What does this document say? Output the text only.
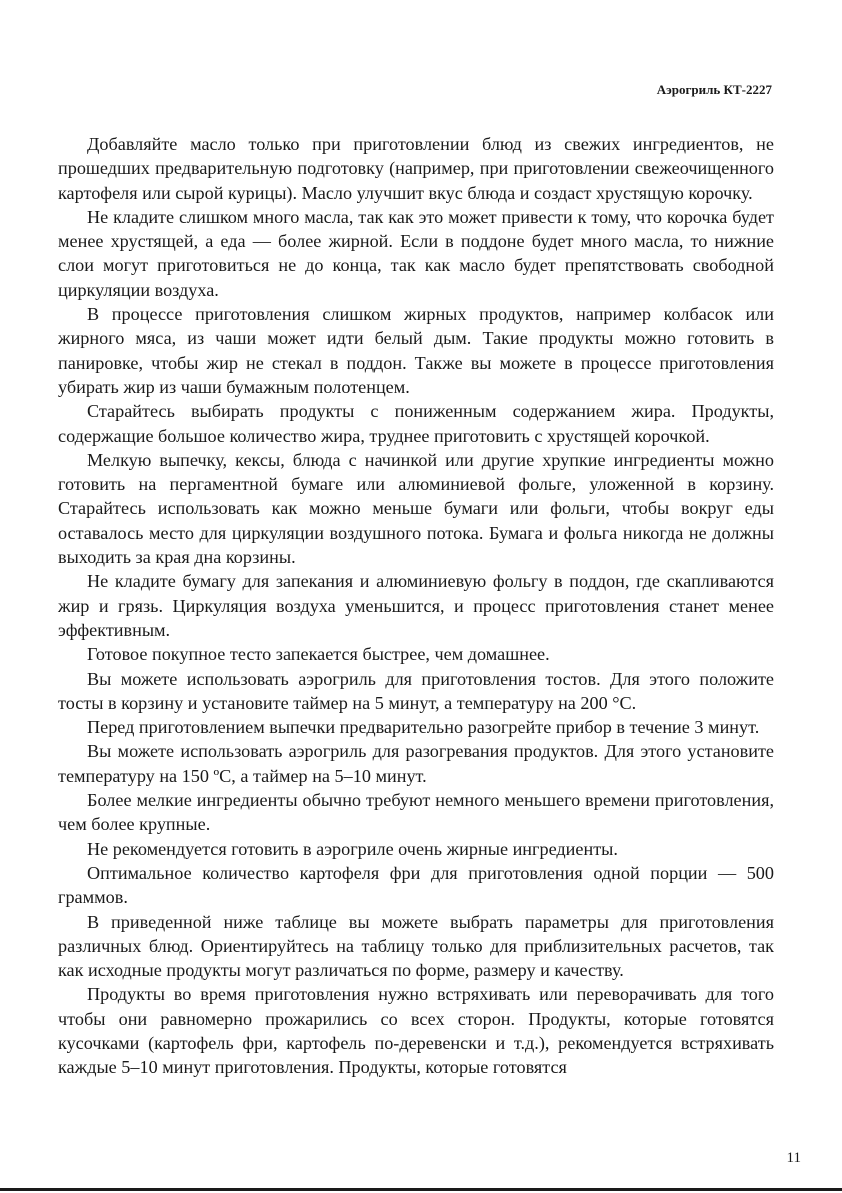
Аэрогриль КТ-2227

Добавляйте масло только при приготовлении блюд из свежих ингредиентов, не прошедших предварительную подготовку (например, при приготовлении свежеочищенного картофеля или сырой курицы). Масло улучшит вкус блюда и создаст хрустящую корочку.

Не кладите слишком много масла, так как это может привести к тому, что корочка будет менее хрустящей, а еда — более жирной. Если в поддоне будет много масла, то нижние слои могут приготовиться не до конца, так как масло будет препятствовать свободной циркуляции воздуха.

В процессе приготовления слишком жирных продуктов, например колбасок или жирного мяса, из чаши может идти белый дым. Такие продукты можно готовить в панировке, чтобы жир не стекал в поддон. Также вы можете в процессе приготовления убирать жир из чаши бумажным полотенцем.

Старайтесь выбирать продукты с пониженным содержанием жира. Продукты, содержащие большое количество жира, труднее приготовить с хрустящей корочкой.

Мелкую выпечку, кексы, блюда с начинкой или другие хрупкие ингредиенты можно готовить на пергаментной бумаге или алюминиевой фольге, уложенной в корзину. Старайтесь использовать как можно меньше бумаги или фольги, чтобы вокруг еды оставалось место для циркуляции воздушного потока. Бумага и фольга никогда не должны выходить за края дна корзины.

Не кладите бумагу для запекания и алюминиевую фольгу в поддон, где скапливаются жир и грязь. Циркуляция воздуха уменьшится, и процесс приготовления станет менее эффективным.

Готовое покупное тесто запекается быстрее, чем домашнее.

Вы можете использовать аэрогриль для приготовления тостов. Для этого положите тосты в корзину и установите таймер на 5 минут, а температуру на 200 °C.

Перед приготовлением выпечки предварительно разогрейте прибор в течение 3 минут.

Вы можете использовать аэрогриль для разогревания продуктов. Для этого установите температуру на 150 ºС, а таймер на 5–10 минут.

Более мелкие ингредиенты обычно требуют немного меньшего времени приготовления, чем более крупные.

Не рекомендуется готовить в аэрогриле очень жирные ингредиенты.

Оптимальное количество картофеля фри для приготовления одной порции — 500 граммов.

В приведенной ниже таблице вы можете выбрать параметры для приготовления различных блюд. Ориентируйтесь на таблицу только для приблизительных расчетов, так как исходные продукты могут различаться по форме, размеру и качеству.

Продукты во время приготовления нужно встряхивать или переворачивать для того чтобы они равномерно прожарились со всех сторон. Продукты, которые готовятся кусочками (картофель фри, картофель по-деревенски и т.д.), рекомендуется встряхивать каждые 5–10 минут приготовления. Продукты, которые готовятся

11
